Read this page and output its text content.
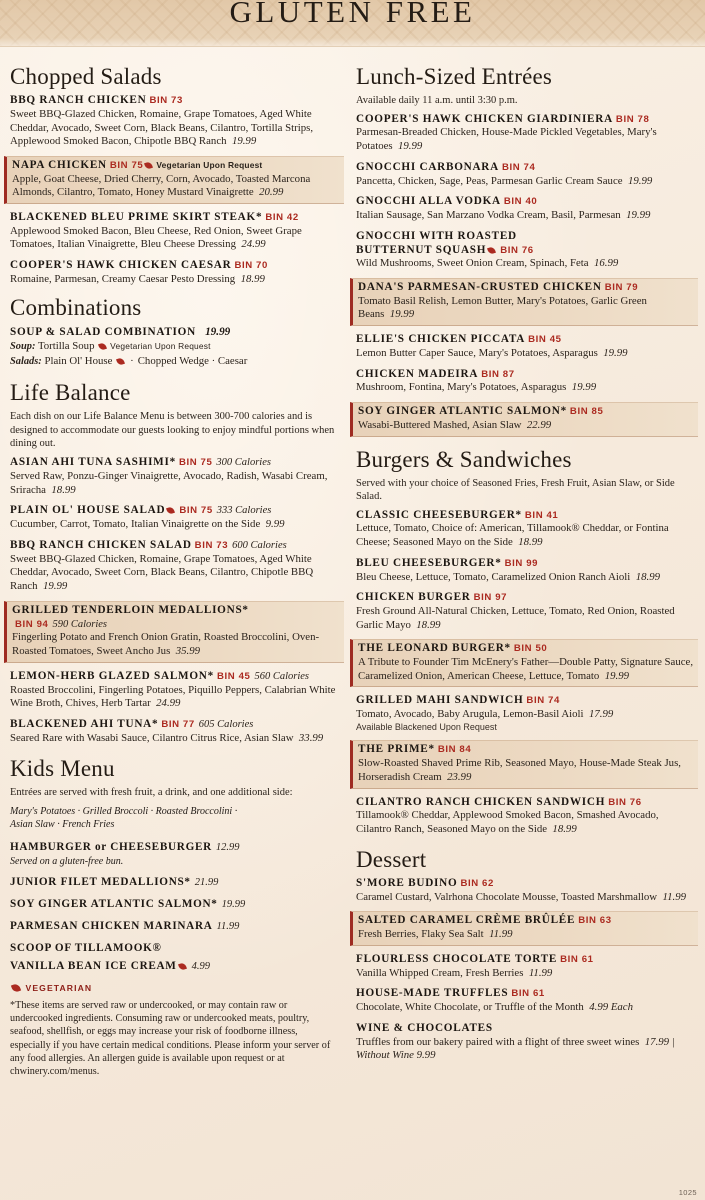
GLUTEN FREE
Chopped Salads
BBQ RANCH CHICKEN BIN 73
Sweet BBQ-Glazed Chicken, Romaine, Grape Tomatoes, Aged White Cheddar, Avocado, Sweet Corn, Black Beans, Cilantro, Tortilla Strips, Applewood Smoked Bacon, Chipotle BBQ Ranch 19.99
NAPA CHICKEN BIN 75 Vegetarian Upon Request
Apple, Goat Cheese, Dried Cherry, Corn, Avocado, Toasted Marcona Almonds, Cilantro, Tomato, Honey Mustard Vinaigrette 20.99
BLACKENED BLEU PRIME SKIRT STEAK* BIN 42
Applewood Smoked Bacon, Bleu Cheese, Red Onion, Sweet Grape Tomatoes, Italian Vinaigrette, Bleu Cheese Dressing 24.99
COOPER'S HAWK CHICKEN CAESAR BIN 70
Romaine, Parmesan, Creamy Caesar Pesto Dressing 18.99
Combinations
SOUP & SALAD COMBINATION 19.99
Soup: Tortilla Soup Vegetarian Upon Request
Salads: Plain Ol' House · Chopped Wedge · Caesar
Life Balance
Each dish on our Life Balance Menu is between 300-700 calories and is designed to accommodate our guests looking to enjoy mindful portions when dining out.
ASIAN AHI TUNA SASHIMI* BIN 75 300 Calories
Served Raw, Ponzu-Ginger Vinaigrette, Avocado, Radish, Wasabi Cream, Sriracha 18.99
PLAIN OL' HOUSE SALAD BIN 75 333 Calories
Cucumber, Carrot, Tomato, Italian Vinaigrette on the Side 9.99
BBQ RANCH CHICKEN SALAD BIN 73 600 Calories
Sweet BBQ-Glazed Chicken, Romaine, Grape Tomatoes, Aged White Cheddar, Avocado, Sweet Corn, Black Beans, Cilantro, Chipotle BBQ Ranch 19.99
GRILLED TENDERLOIN MEDALLIONS*
BIN 94 590 Calories
Fingerling Potato and French Onion Gratin, Roasted Broccolini, Oven-Roasted Tomatoes, Sweet Ancho Jus 35.99
LEMON-HERB GLAZED SALMON* BIN 45 560 Calories
Roasted Broccolini, Fingerling Potatoes, Piquillo Peppers, Calabrian White Wine Broth, Chives, Herb Tartar 24.99
BLACKENED AHI TUNA* BIN 77 605 Calories
Seared Rare with Wasabi Sauce, Cilantro Citrus Rice, Asian Slaw 33.99
Kids Menu
Entrées are served with fresh fruit, a drink, and one additional side:
Mary's Potatoes · Grilled Broccoli · Roasted Broccolini ·
Asian Slaw · French Fries
HAMBURGER or CHEESEBURGER 12.99
Served on a gluten-free bun.
JUNIOR FILET MEDALLIONS* 21.99
SOY GINGER ATLANTIC SALMON* 19.99
PARMESAN CHICKEN MARINARA 11.99
SCOOP OF TILLAMOOK®
VANILLA BEAN ICE CREAM 4.99
VEGETARIAN
*These items are served raw or undercooked, or may contain raw or undercooked ingredients. Consuming raw or undercooked meats, poultry, seafood, shellfish, or eggs may increase your risk of foodborne illness, especially if you have certain medical conditions. Please inform your server of any food allergies. An allergen guide is available upon request or at chwinery.com/menus.
Lunch-Sized Entrées
Available daily 11 a.m. until 3:30 p.m.
COOPER'S HAWK CHICKEN GIARDINIERA BIN 78
Parmesan-Breaded Chicken, House-Made Pickled Vegetables, Mary's Potatoes 19.99
GNOCCHI CARBONARA BIN 74
Pancetta, Chicken, Sage, Peas, Parmesan Garlic Cream Sauce 19.99
GNOCCHI ALLA VODKA BIN 40
Italian Sausage, San Marzano Vodka Cream, Basil, Parmesan 19.99
GNOCCHI WITH ROASTED
BUTTERNUT SQUASH BIN 76
Wild Mushrooms, Sweet Onion Cream, Spinach, Feta 16.99
DANA'S PARMESAN-CRUSTED CHICKEN BIN 79
Tomato Basil Relish, Lemon Butter, Mary's Potatoes, Garlic Green Beans 19.99
ELLIE'S CHICKEN PICCATA BIN 45
Lemon Butter Caper Sauce, Mary's Potatoes, Asparagus 19.99
CHICKEN MADEIRA BIN 87
Mushroom, Fontina, Mary's Potatoes, Asparagus 19.99
SOY GINGER ATLANTIC SALMON* BIN 85
Wasabi-Buttered Mashed, Asian Slaw 22.99
Burgers & Sandwiches
Served with your choice of Seasoned Fries, Fresh Fruit, Asian Slaw, or Side Salad.
CLASSIC CHEESEBURGER* BIN 41
Lettuce, Tomato, Choice of: American, Tillamook® Cheddar, or Fontina Cheese; Seasoned Mayo on the Side 18.99
BLEU CHEESEBURGER* BIN 99
Bleu Cheese, Lettuce, Tomato, Caramelized Onion Ranch Aioli 18.99
CHICKEN BURGER BIN 97
Fresh Ground All-Natural Chicken, Lettuce, Tomato, Red Onion, Roasted Garlic Mayo 18.99
THE LEONARD BURGER* BIN 50
A Tribute to Founder Tim McEnery's Father—Double Patty, Signature Sauce, Caramelized Onion, American Cheese, Lettuce, Tomato 19.99
GRILLED MAHI SANDWICH BIN 74
Tomato, Avocado, Baby Arugula, Lemon-Basil Aioli 17.99
Available Blackened Upon Request
THE PRIME* BIN 84
Slow-Roasted Shaved Prime Rib, Seasoned Mayo, House-Made Steak Jus, Horseradish Cream 23.99
CILANTRO RANCH CHICKEN SANDWICH BIN 76
Tillamook® Cheddar, Applewood Smoked Bacon, Smashed Avocado, Cilantro Ranch, Seasoned Mayo on the Side 18.99
Dessert
S'MORE BUDINO BIN 62
Caramel Custard, Valrhona Chocolate Mousse, Toasted Marshmallow 11.99
SALTED CARAMEL CRÈME BRÛLÉE BIN 63
Fresh Berries, Flaky Sea Salt 11.99
FLOURLESS CHOCOLATE TORTE BIN 61
Vanilla Whipped Cream, Fresh Berries 11.99
HOUSE-MADE TRUFFLES BIN 61
Chocolate, White Chocolate, or Truffle of the Month 4.99 Each
WINE & CHOCOLATES
Truffles from our bakery paired with a flight of three sweet wines 17.99 | Without Wine 9.99
1025
